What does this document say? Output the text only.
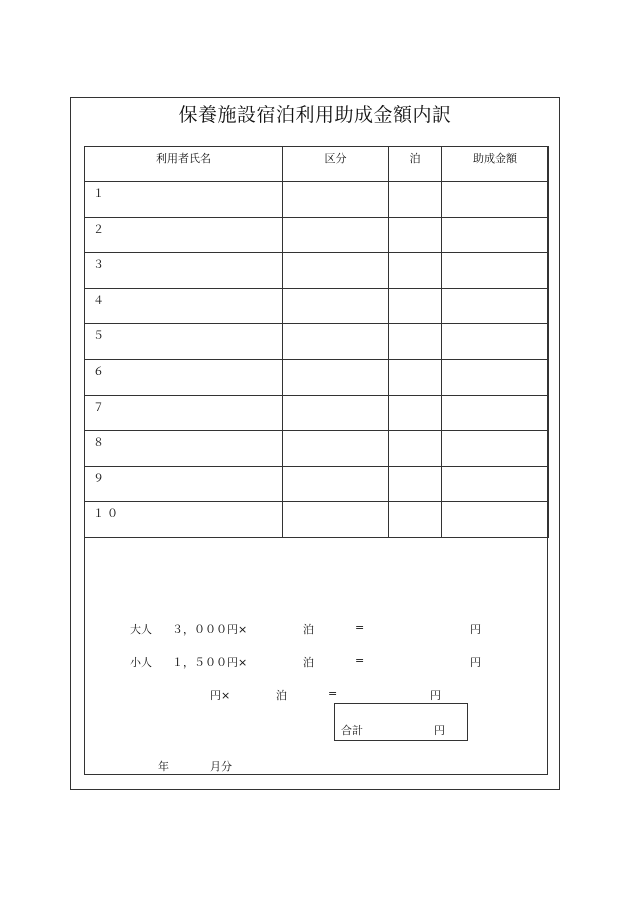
保養施設宿泊利用助成金額内訳
利用者氏名	区分	泊	助成金額
１			
２			
３			
４			
５			
６			
７			
８			
９			
１０			
大人 ３，０００円×	泊	=	円
小人 １，５００円×	泊	=	円
円×	泊	=	円
合計	円
年	月分
